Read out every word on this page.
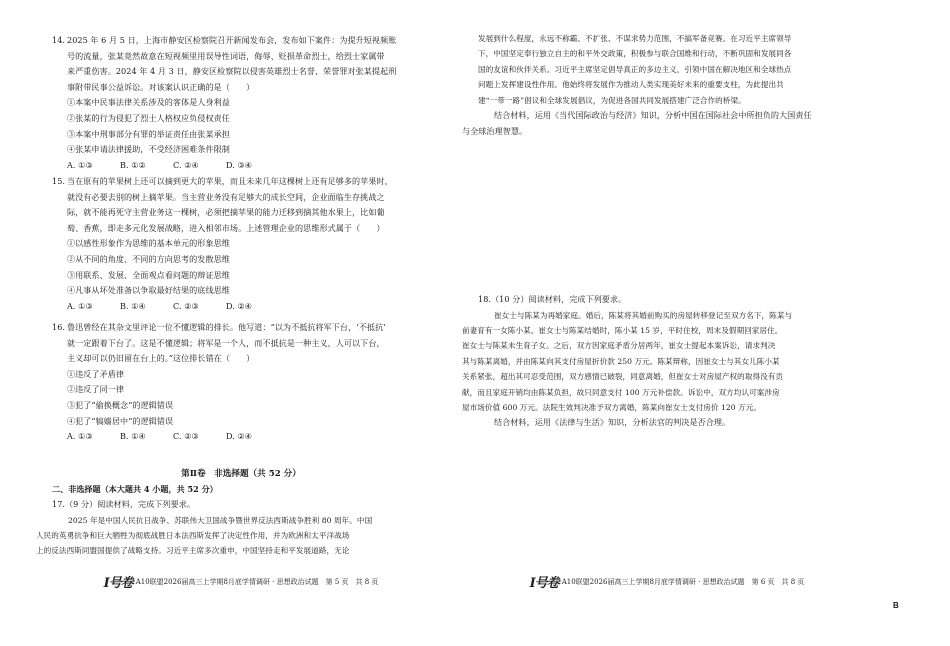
14. 2025 年 6 月 5 日，上海市静安区检察院召开新闻发布会，发布如下案件：为提升短视频账
号的流量，张某竟然故意在短视频里用误导性词语，侮辱、贬损革命烈士，给烈士家属带
来严重伤害。2024 年 4 月 3 日，静安区检察院以侵害英雄烈士名誉、荣誉罪对张某提起刑
事附带民事公益诉讼。对该案认识正确的是（　　）

①本案中民事法律关系涉及的客体是人身利益

②张某的行为侵犯了烈士人格权应负侵权责任

③本案中刑事部分有罪的举证责任由张某承担

④张某申请法律援助，不受经济困难条件限制

A. ①③	B. ①②	C. ②④	D. ③④

15. 当在原有的苹果树上还可以摘到更大的苹果，而且未来几年这棵树上还有足够多的苹果时，
就没有必要去别的树上摘苹果。当主营业务没有足够大的成长空间，企业面临生存挑战之
际，就不能再死守主营业务这一棵树，必须把摘苹果的能力迁移到摘其他水果上，比如葡
萄、香蕉，即走多元化发展战略，进入相邻市场。上述管理企业的思维形式属于（　　）

①以感性形象作为思维的基本单元的形象思维

②从不同的角度、不同的方向思考的发散思维

③用联系、发展、全面观点看问题的辩证思维

④凡事从坏处准备以争取最好结果的底线思维

A. ①③	B. ①④	C. ②③	D. ②④

16. 鲁迅曾经在其杂文里评论一位不懂逻辑的排长。他写道：“以为不抵抗将军下台，‘不抵抗’
就一定跟着下台了。这是不懂逻辑；将军是一个人，而不抵抗是一种主义，人可以下台，
主义却可以仍旧留在台上的。”这位排长错在（　　）

①违反了矛盾律

②违反了同一律

③犯了“偷换概念”的逻辑错误

④犯了“犒嫱居中”的逻辑错误

A. ①③	B. ①④	C. ②③	D. ②④
第Ⅱ卷　非选择题（共 52 分）
二、非选择题（本大题共 4 小题，共 52 分）

17.（9 分）阅读材料，完成下列要求。

2025 年是中国人民抗日战争、苏联伟大卫国战争暨世界反法西斯战争胜利 80 周年。中国
人民的英勇抗争和巨大牺牲为彻底战胜日本法西斯发挥了决定性作用，并为欧洲和太平洋战场
上的反法西斯同盟国提供了战略支持。习近平主席多次重申，中国坚持走和平发展道路，无论

I号卷 A10联盟2026届高三上学期8月底学情调研 · 思想政治试题　第 5 页　共 8 页

发展到什么程度，永远不称霸、不扩张、不谋求势力范围，不搞军备竞赛。在习近平主席领导

下，中国坚定奉行独立自主的和平外交政策，积极参与联合国维和行动，不断巩固和发展同各

国的友谊和伙伴关系。习近平主席坚定倡导真正的多边主义，引领中国在解决地区和全球热点

问题上发挥建设性作用。他始终将发展作为推动人类实现美好未来的重要支柱，为此提出共

建“一带一路”倡议和全球发展倡议，为促进各国共同发展搭建广泛合作的桥梁。

结合材料，运用《当代国际政治与经济》知识，分析中国在国际社会中所担负的大国责任
与全球治理智慧。

18.（10 分）阅读材料，完成下列要求。

崔女士与陈某为再婚家庭。婚后，陈某将其婚前购买的房屋转移登记至双方名下，陈某与
前妻育有一女陈小某。崔女士与陈某结婚时，陈小某 15 岁，平时住校，周末及假期回家居住。
崔女士与陈某未生育子女。之后，双方因家庭矛盾分居两年，崔女士提起本案诉讼，请求判决
其与陈某离婚，并由陈某向其支付房屋折价款 250 万元。陈某辩称，因崔女士与其女儿陈小某
关系紧张，超出其可忍受范围，双方感情已破裂，同意离婚，但崔女士对房屋产权的取得没有贡
献，而且家庭开销均由陈某负担，故只同意支付 100 万元补偿款。诉讼中，双方均认可案涉房
屋市场价值 600 万元。法院生效判决准予双方离婚，陈某向崔女士支付房价 120 万元。

结合材料，运用《法律与生活》知识，分析法官的判决是否合理。

I号卷 A10联盟2026届高三上学期8月底学情调研 · 思想政治试题　第 6 页　共 8 页
B
